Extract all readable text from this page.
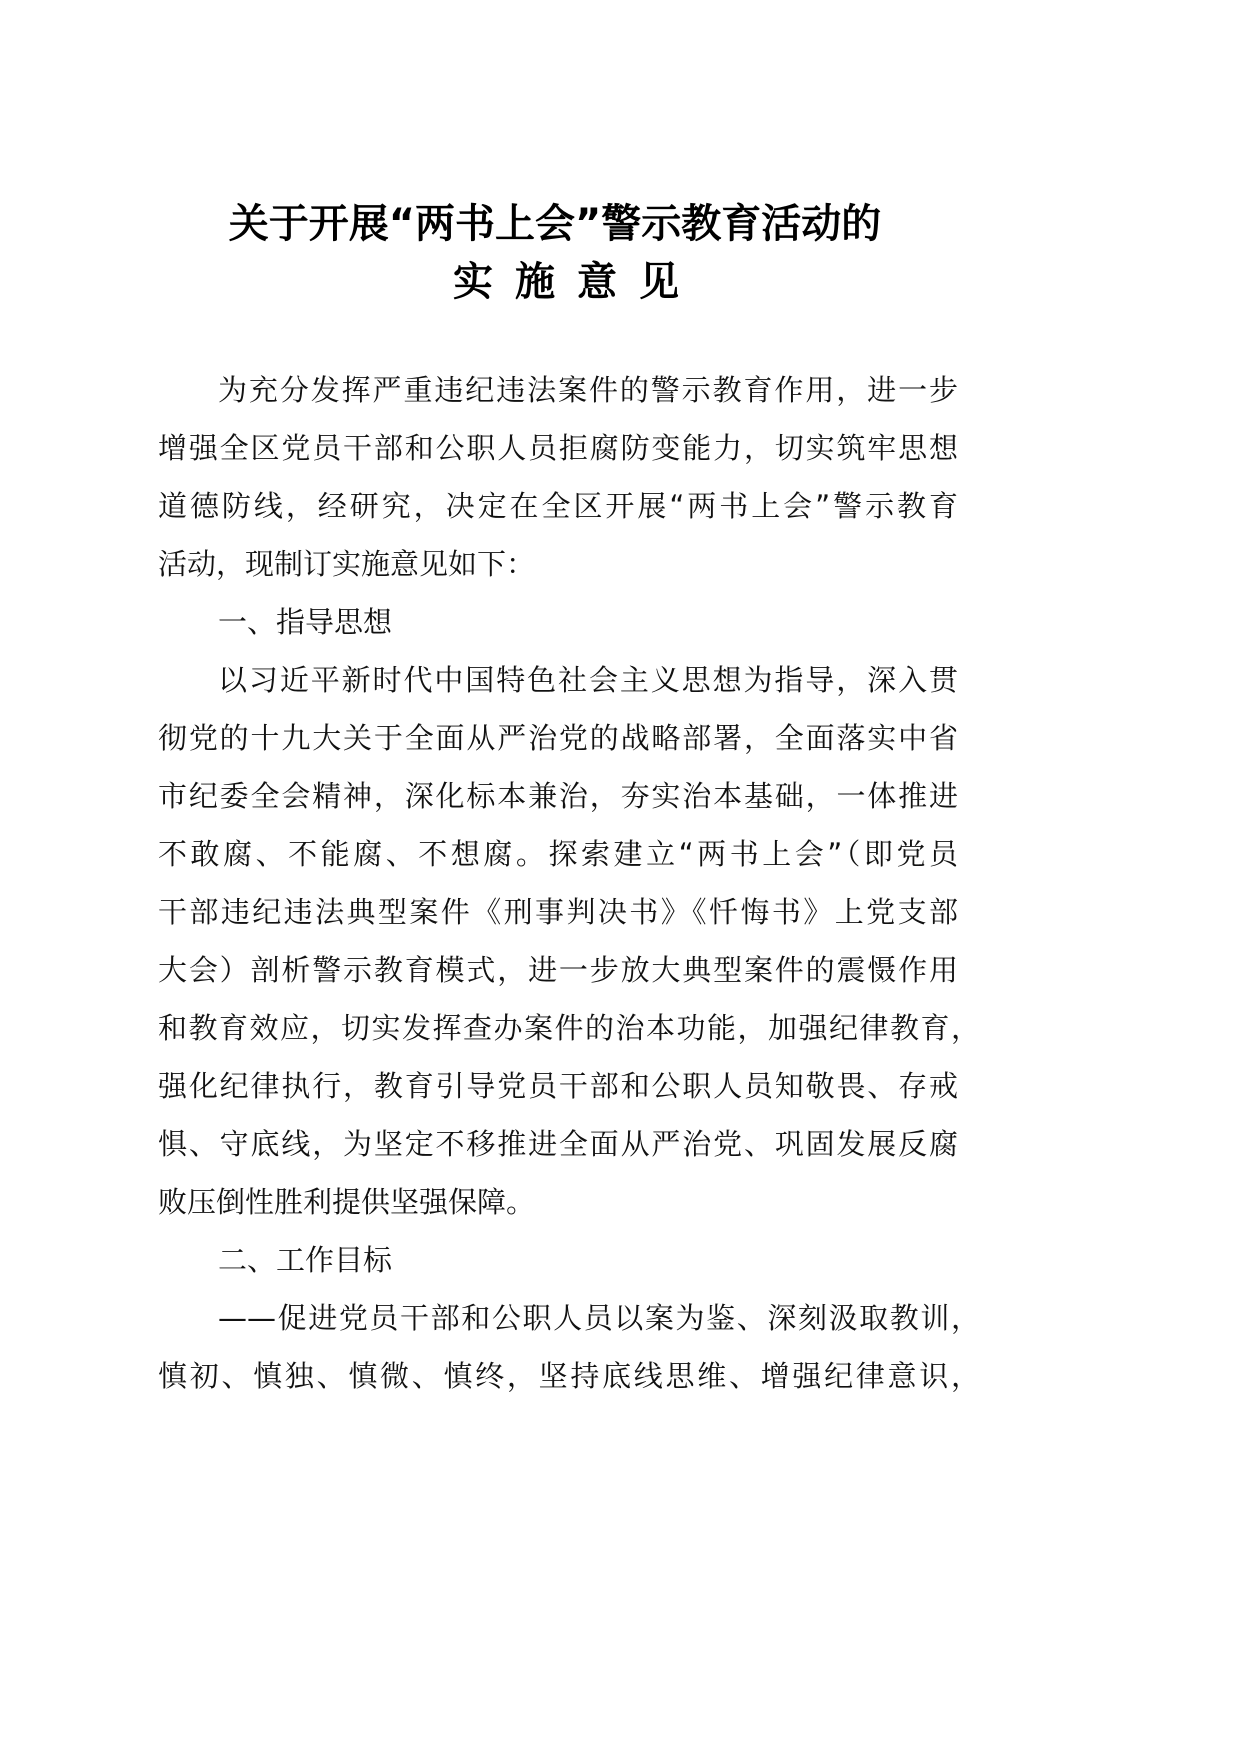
关于开展“两书上会”警示教育活动的
实施意见
为充分发挥严重违纪违法案件的警示教育作用，进一步
增强全区党员干部和公职人员拒腐防变能力，切实筑牢思想
道德防线，经研究，决定在全区开展“两书上会”警示教育
活动，现制订实施意见如下：
一、指导思想
以习近平新时代中国特色社会主义思想为指导，深入贯
彻党的十九大关于全面从严治党的战略部署，全面落实中省
市纪委全会精神，深化标本兼治，夯实治本基础，一体推进
不敢腐、不能腐、不想腐。探索建立“两书上会”（即党员
干部违纪违法典型案件《刑事判决书》《忏悔书》上党支部
大会）剖析警示教育模式，进一步放大典型案件的震慑作用
和教育效应，切实发挥查办案件的治本功能，加强纪律教育，
强化纪律执行，教育引导党员干部和公职人员知敬畏、存戒
惧、守底线，为坚定不移推进全面从严治党、巩固发展反腐
败压倒性胜利提供坚强保障。
二、工作目标
——促进党员干部和公职人员以案为鉴、深刻汲取教训，
慎初、慎独、慎微、慎终，坚持底线思维、增强纪律意识，
